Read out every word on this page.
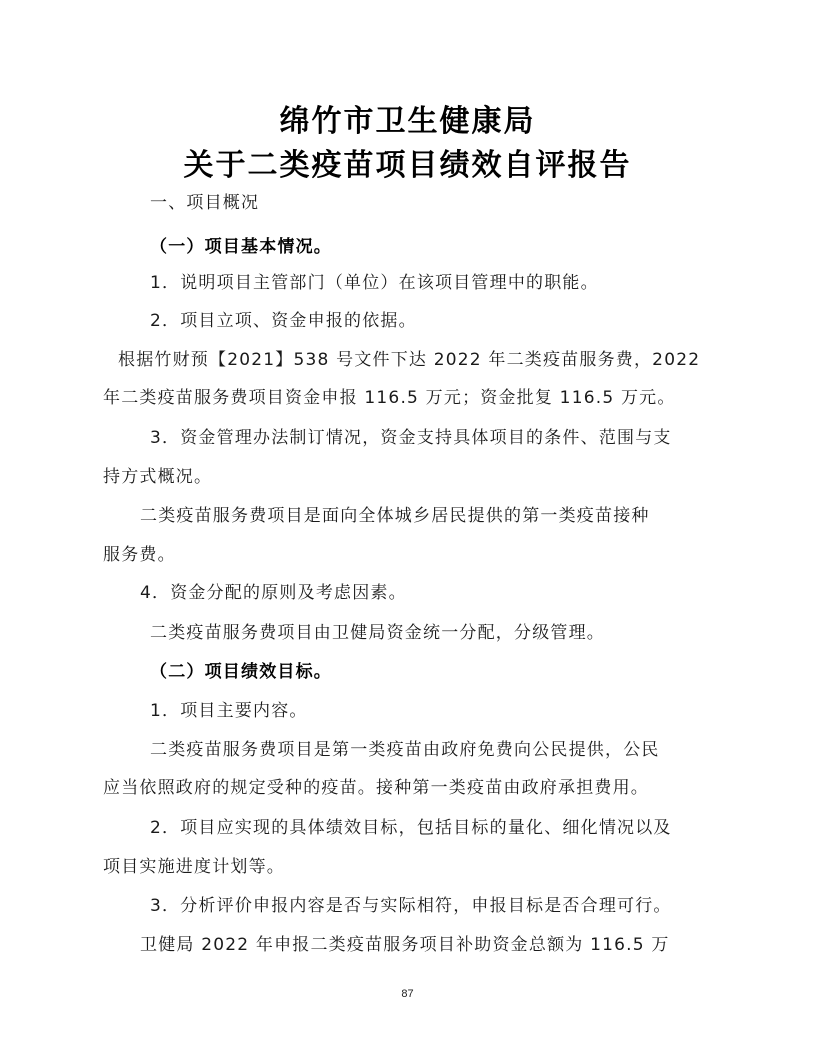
绵竹市卫生健康局
关于二类疫苗项目绩效自评报告
一、项目概况
（一）项目基本情况。
1．说明项目主管部门（单位）在该项目管理中的职能。
2．项目立项、资金申报的依据。
根据竹财预【2021】538 号文件下达 2022 年二类疫苗服务费，2022
年二类疫苗服务费项目资金申报 116.5 万元；资金批复 116.5 万元。
3．资金管理办法制订情况，资金支持具体项目的条件、范围与支
持方式概况。
二类疫苗服务费项目是面向全体城乡居民提供的第一类疫苗接种
服务费。
4．资金分配的原则及考虑因素。
二类疫苗服务费项目由卫健局资金统一分配，分级管理。
（二）项目绩效目标。
1．项目主要内容。
二类疫苗服务费项目是第一类疫苗由政府免费向公民提供，公民
应当依照政府的规定受种的疫苗。接种第一类疫苗由政府承担费用。
2．项目应实现的具体绩效目标，包括目标的量化、细化情况以及
项目实施进度计划等。
3．分析评价申报内容是否与实际相符，申报目标是否合理可行。
卫健局 2022 年申报二类疫苗服务项目补助资金总额为 116.5 万
87
